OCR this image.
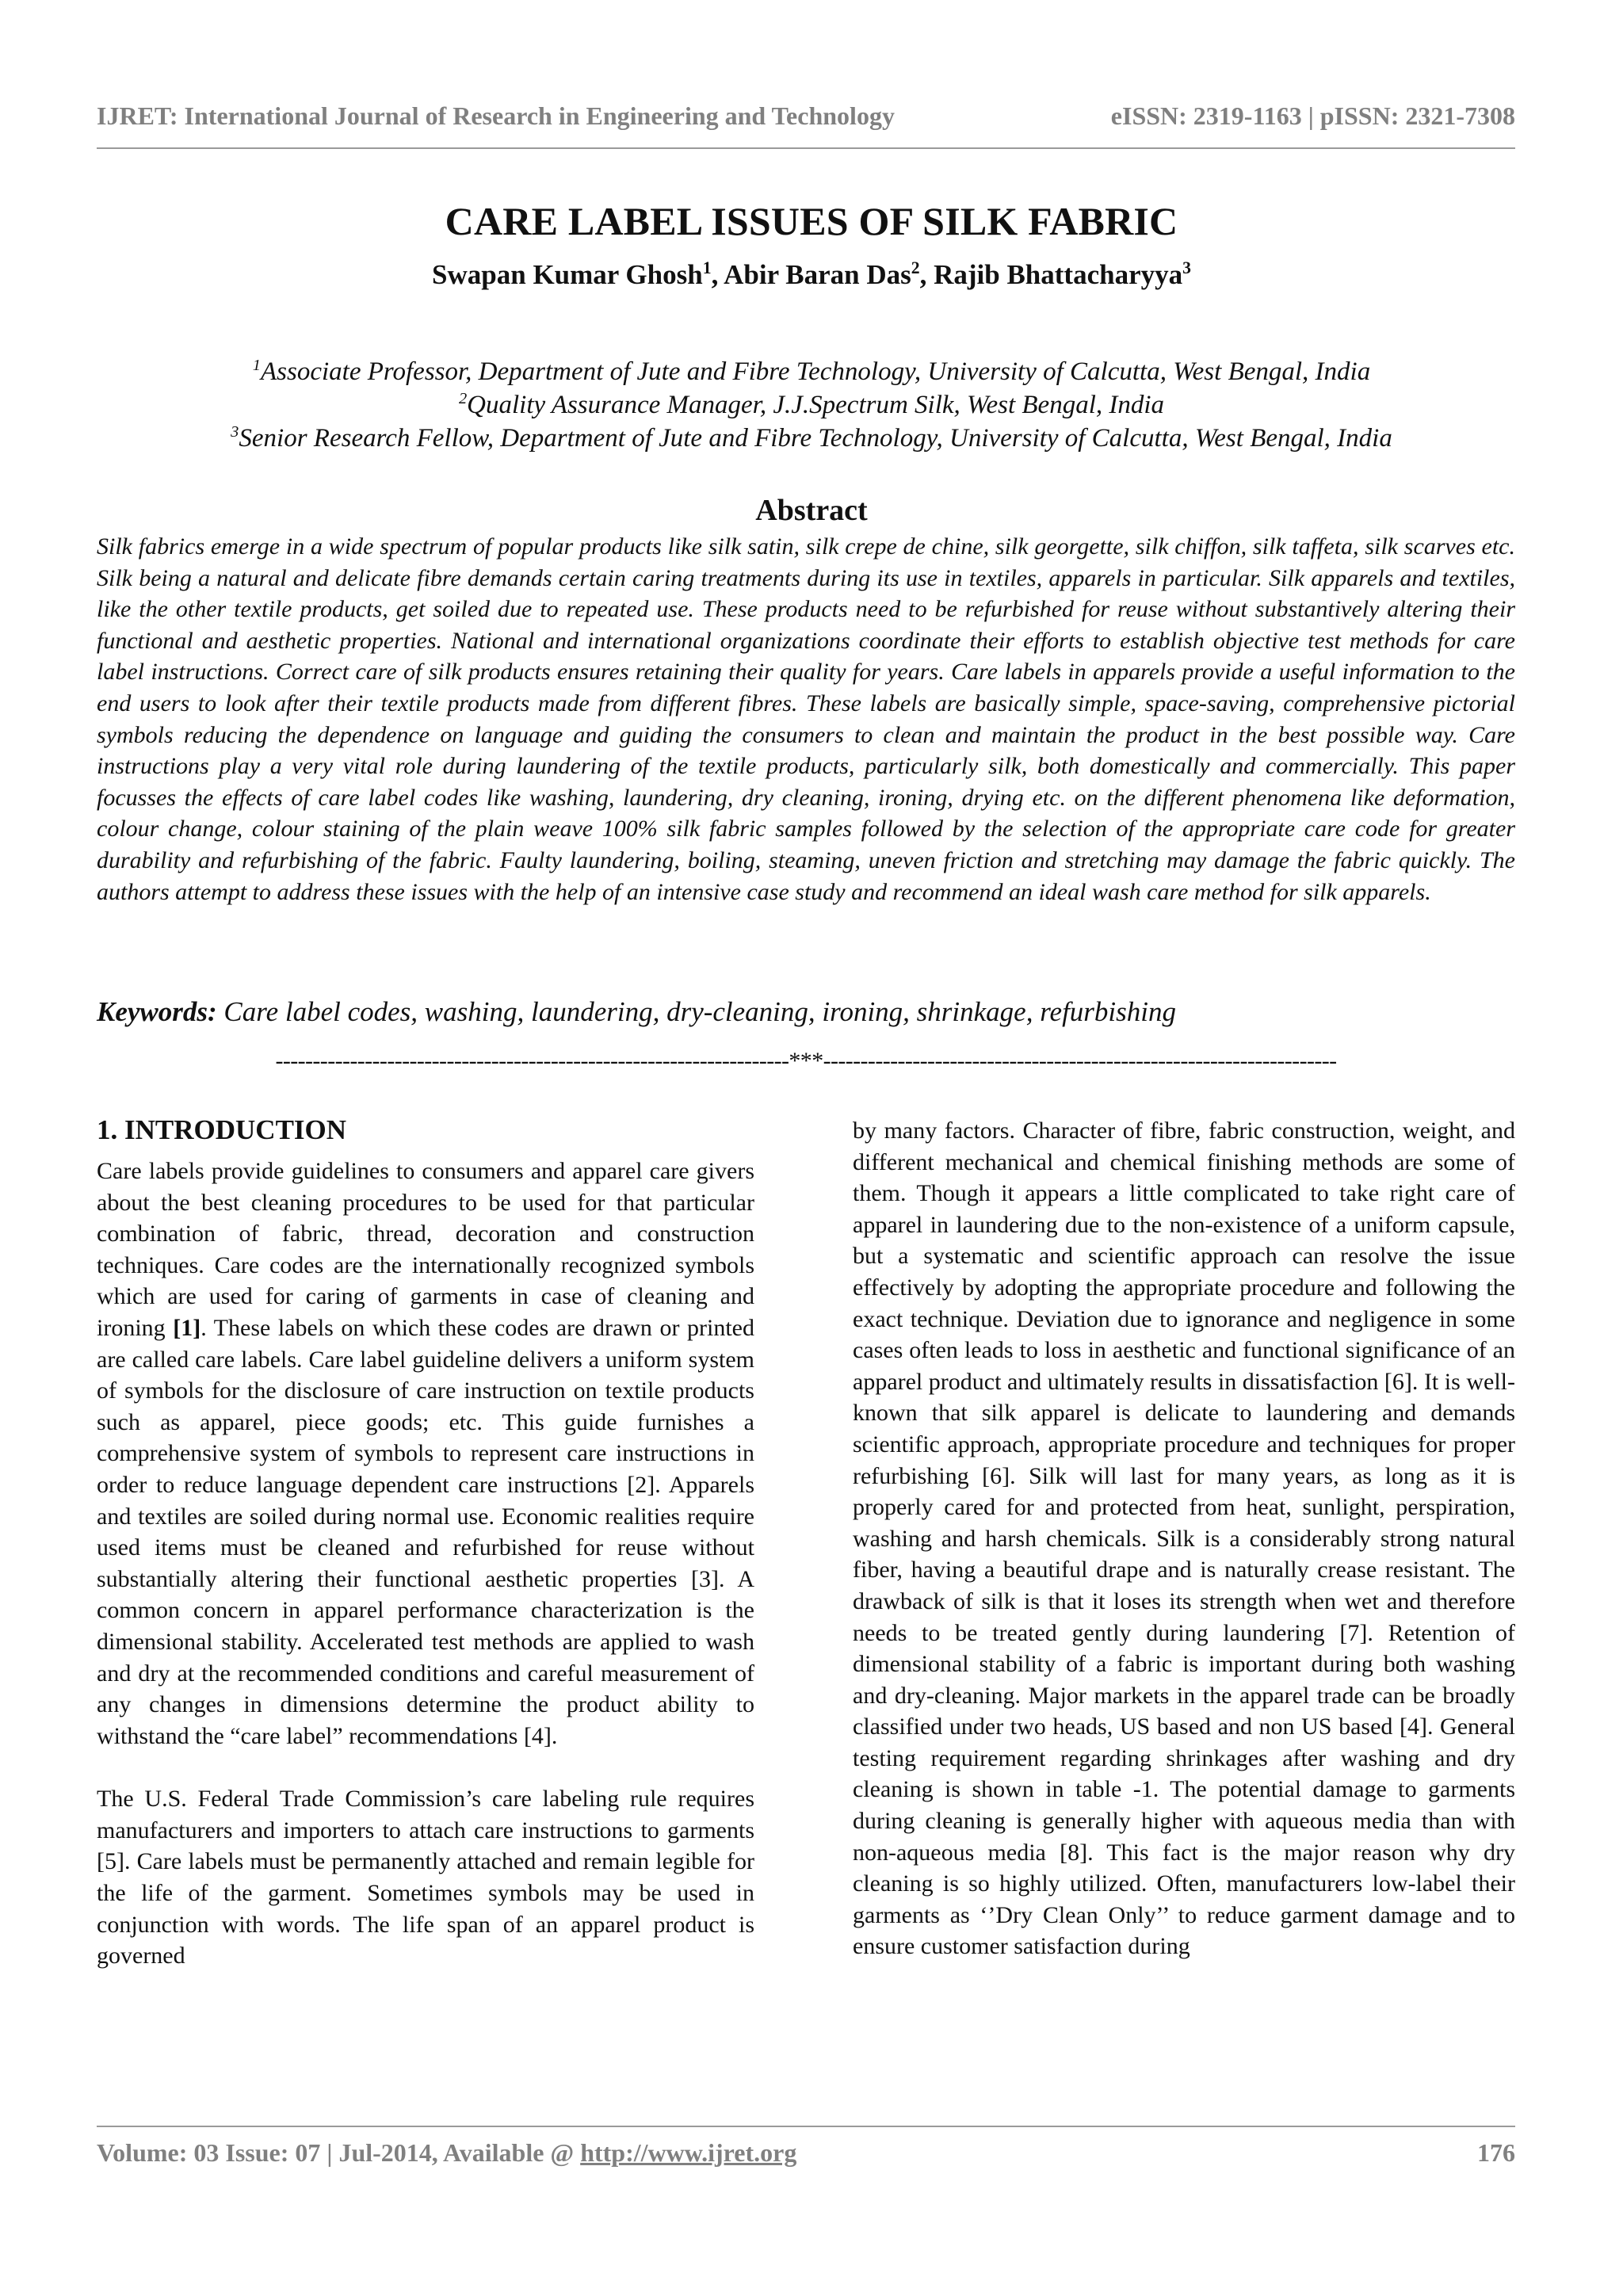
IJRET: International Journal of Research in Engineering and Technology	eISSN: 2319-1163 | pISSN: 2321-7308
CARE LABEL ISSUES OF SILK FABRIC
Swapan Kumar Ghosh$^1$, Abir Baran Das$^2$, Rajib Bhattacharyya$^3$
$^1$Associate Professor, Department of Jute and Fibre Technology, University of Calcutta, West Bengal, India
$^2$Quality Assurance Manager, J.J.Spectrum Silk, West Bengal, India
$^3$Senior Research Fellow, Department of Jute and Fibre Technology, University of Calcutta, West Bengal, India
Abstract

Silk fabrics emerge in a wide spectrum of popular products like silk satin, silk crepe de chine, silk georgette, silk chiffon, silk taffeta, silk scarves etc. Silk being a natural and delicate fibre demands certain caring treatments during its use in textiles, apparels in particular. Silk apparels and textiles, like the other textile products, get soiled due to repeated use. These products need to be refurbished for reuse without substantively altering their functional and aesthetic properties. National and international organizations coordinate their efforts to establish objective test methods for care label instructions. Correct care of silk products ensures retaining their quality for years. Care labels in apparels provide a useful information to the end users to look after their textile products made from different fibres. These labels are basically simple, space-saving, comprehensive pictorial symbols reducing the dependence on language and guiding the consumers to clean and maintain the product in the best possible way. Care instructions play a very vital role during laundering of the textile products, particularly silk, both domestically and commercially. This paper focusses the effects of care label codes like washing, laundering, dry cleaning, ironing, drying etc. on the different phenomena like deformation, colour change, colour staining of the plain weave 100% silk fabric samples followed by the selection of the appropriate care code for greater durability and refurbishing of the fabric. Faulty laundering, boiling, steaming, uneven friction and stretching may damage the fabric quickly. The authors attempt to address these issues with the help of an intensive case study and recommend an ideal wash care method for silk apparels.

Keywords: Care label codes, washing, laundering, dry-cleaning, ironing, shrinkage, refurbishing
---------------------------------------------------------------------***---------------------------------------------------------------------
1. INTRODUCTION

Care labels provide guidelines to consumers and apparel care givers about the best cleaning procedures to be used for that particular combination of fabric, thread, decoration and construction techniques. Care codes are the internationally recognized symbols which are used for caring of garments in case of cleaning and ironing [1]. These labels on which these codes are drawn or printed are called care labels. Care label guideline delivers a uniform system of symbols for the disclosure of care instruction on textile products such as apparel, piece goods; etc. This guide furnishes a comprehensive system of symbols to represent care instructions in order to reduce language dependent care instructions [2]. Apparels and textiles are soiled during normal use. Economic realities require used items must be cleaned and refurbished for reuse without substantially altering their functional aesthetic properties [3]. A common concern in apparel performance characterization is the dimensional stability. Accelerated test methods are applied to wash and dry at the recommended conditions and careful measurement of any changes in dimensions determine the product ability to withstand the “care label” recommendations [4].

The U.S. Federal Trade Commission’s care labeling rule requires manufacturers and importers to attach care instructions to garments [5]. Care labels must be permanently attached and remain legible for the life of the garment. Sometimes symbols may be used in conjunction with words. The life span of an apparel product is governed

by many factors. Character of fibre, fabric construction, weight, and different mechanical and chemical finishing methods are some of them. Though it appears a little complicated to take right care of apparel in laundering due to the non-existence of a uniform capsule, but a systematic and scientific approach can resolve the issue effectively by adopting the appropriate procedure and following the exact technique. Deviation due to ignorance and negligence in some cases often leads to loss in aesthetic and functional significance of an apparel product and ultimately results in dissatisfaction [6]. It is well-known that silk apparel is delicate to laundering and demands scientific approach, appropriate procedure and techniques for proper refurbishing [6]. Silk will last for many years, as long as it is properly cared for and protected from heat, sunlight, perspiration, washing and harsh chemicals. Silk is a considerably strong natural fiber, having a beautiful drape and is naturally crease resistant. The drawback of silk is that it loses its strength when wet and therefore needs to be treated gently during laundering [7]. Retention of dimensional stability of a fabric is important during both washing and dry-cleaning. Major markets in the apparel trade can be broadly classified under two heads, US based and non US based [4]. General testing requirement regarding shrinkages after washing and dry cleaning is shown in table -1. The potential damage to garments during cleaning is generally higher with aqueous media than with non-aqueous media [8]. This fact is the major reason why dry cleaning is so highly utilized. Often, manufacturers low-label their garments as ‘’Dry Clean Only’’ to reduce garment damage and to ensure customer satisfaction during

Volume: 03 Issue: 07 | Jul-2014, Available @ http://www.ijret.org	176
